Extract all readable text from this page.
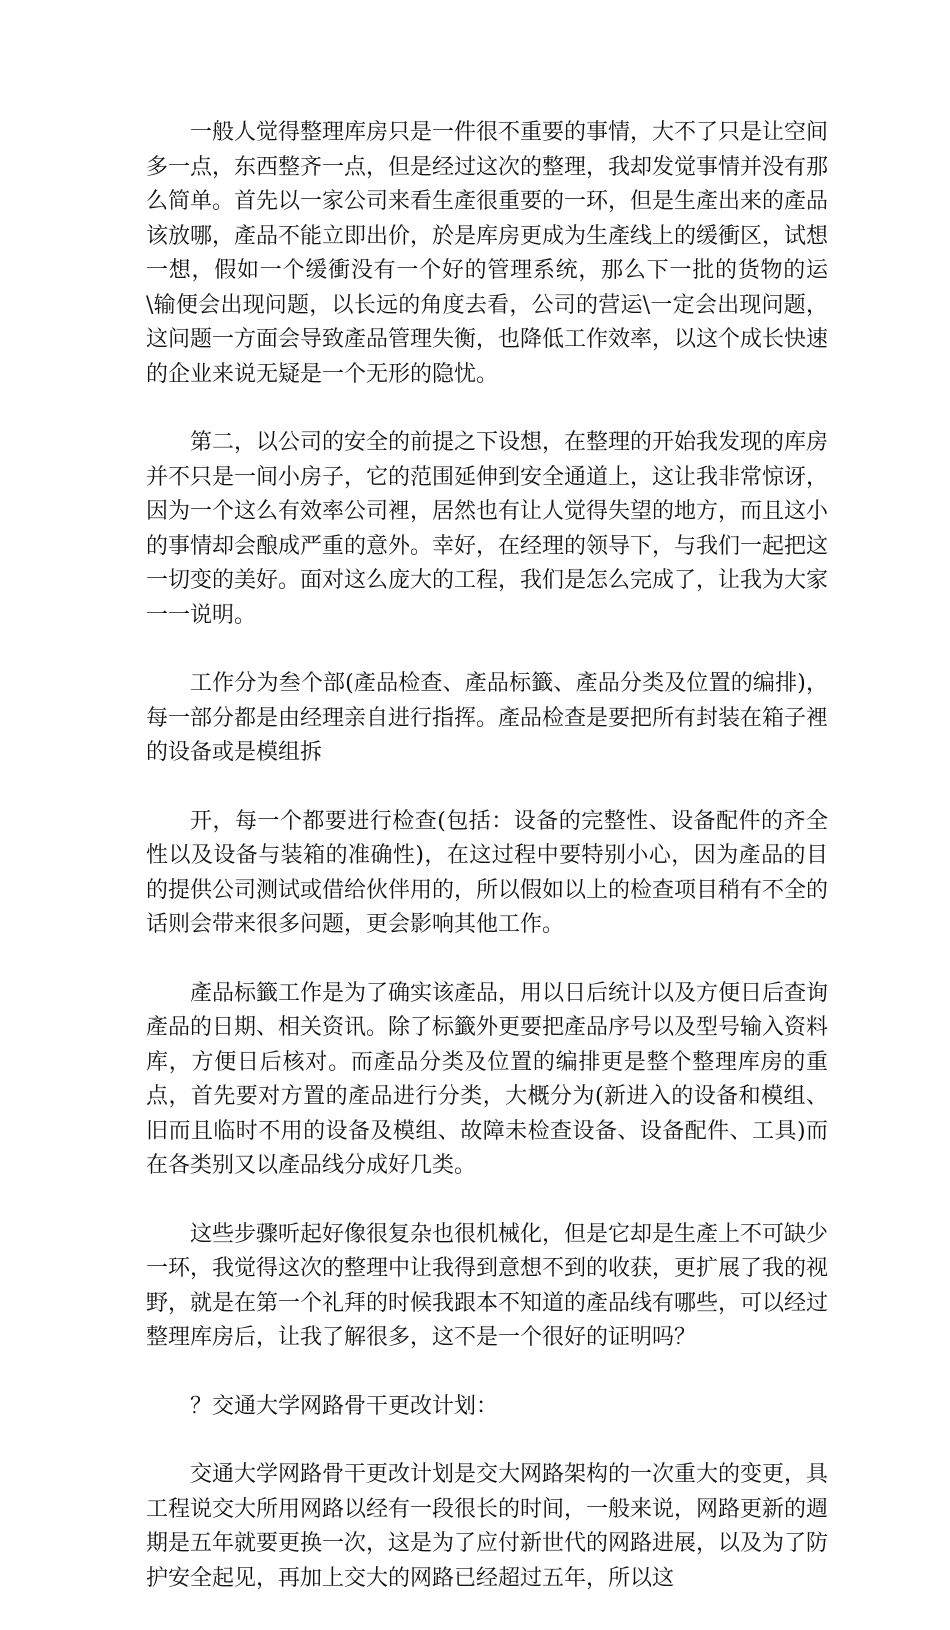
一般人觉得整理库房只是一件很不重要的事情，大不了只是让空间多一点，东西整齐一点，但是经过这次的整理，我却发觉事情并没有那么简单。首先以一家公司来看生產很重要的一环，但是生產出来的產品该放哪，產品不能立即出价，於是库房更成为生產线上的缓衝区，试想一想，假如一个缓衝没有一个好的管理系统，那么下一批的货物的运\输便会出现问题，以长远的角度去看，公司的营运\一定会出现问题，这问题一方面会导致產品管理失衡，也降低工作效率，以这个成长快速的企业来说无疑是一个无形的隐忧。

第二，以公司的安全的前提之下设想，在整理的开始我发现的库房并不只是一间小房子，它的范围延伸到安全通道上，这让我非常惊讶，因为一个这么有效率公司裡，居然也有让人觉得失望的地方，而且这小的事情却会酿成严重的意外。幸好，在经理的领导下，与我们一起把这一切变的美好。面对这么庞大的工程，我们是怎么完成了，让我为大家一一说明。

工作分为叁个部(產品检查、產品标籤、產品分类及位置的编排)，每一部分都是由经理亲自进行指挥。產品检查是要把所有封装在箱子裡的设备或是模组拆

开，每一个都要进行检查(包括：设备的完整性、设备配件的齐全性以及设备与装箱的准确性)，在这过程中要特别小心，因为產品的目的提供公司测试或借给伙伴用的，所以假如以上的检查项目稍有不全的话则会带来很多问题，更会影响其他工作。

產品标籤工作是为了确实该產品，用以日后统计以及方便日后查询產品的日期、相关资讯。除了标籤外更要把產品序号以及型号输入资料库，方便日后核对。而產品分类及位置的编排更是整个整理库房的重点，首先要对方置的產品进行分类，大概分为(新进入的设备和模组、旧而且临时不用的设备及模组、故障未检查设备、设备配件、工具)而在各类别又以產品线分成好几类。

这些步骤听起好像很复杂也很机械化，但是它却是生產上不可缺少一环，我觉得这次的整理中让我得到意想不到的收获，更扩展了我的视野，就是在第一个礼拜的时候我跟本不知道的產品线有哪些，可以经过整理库房后，让我了解很多，这不是一个很好的证明吗？

？交通大学网路骨干更改计划：

交通大学网路骨干更改计划是交大网路架构的一次重大的变更，具工程说交大所用网路以经有一段很长的时间，一般来说，网路更新的週期是五年就要更换一次，这是为了应付新世代的网路进展，以及为了防护安全起见，再加上交大的网路已经超过五年，所以这
